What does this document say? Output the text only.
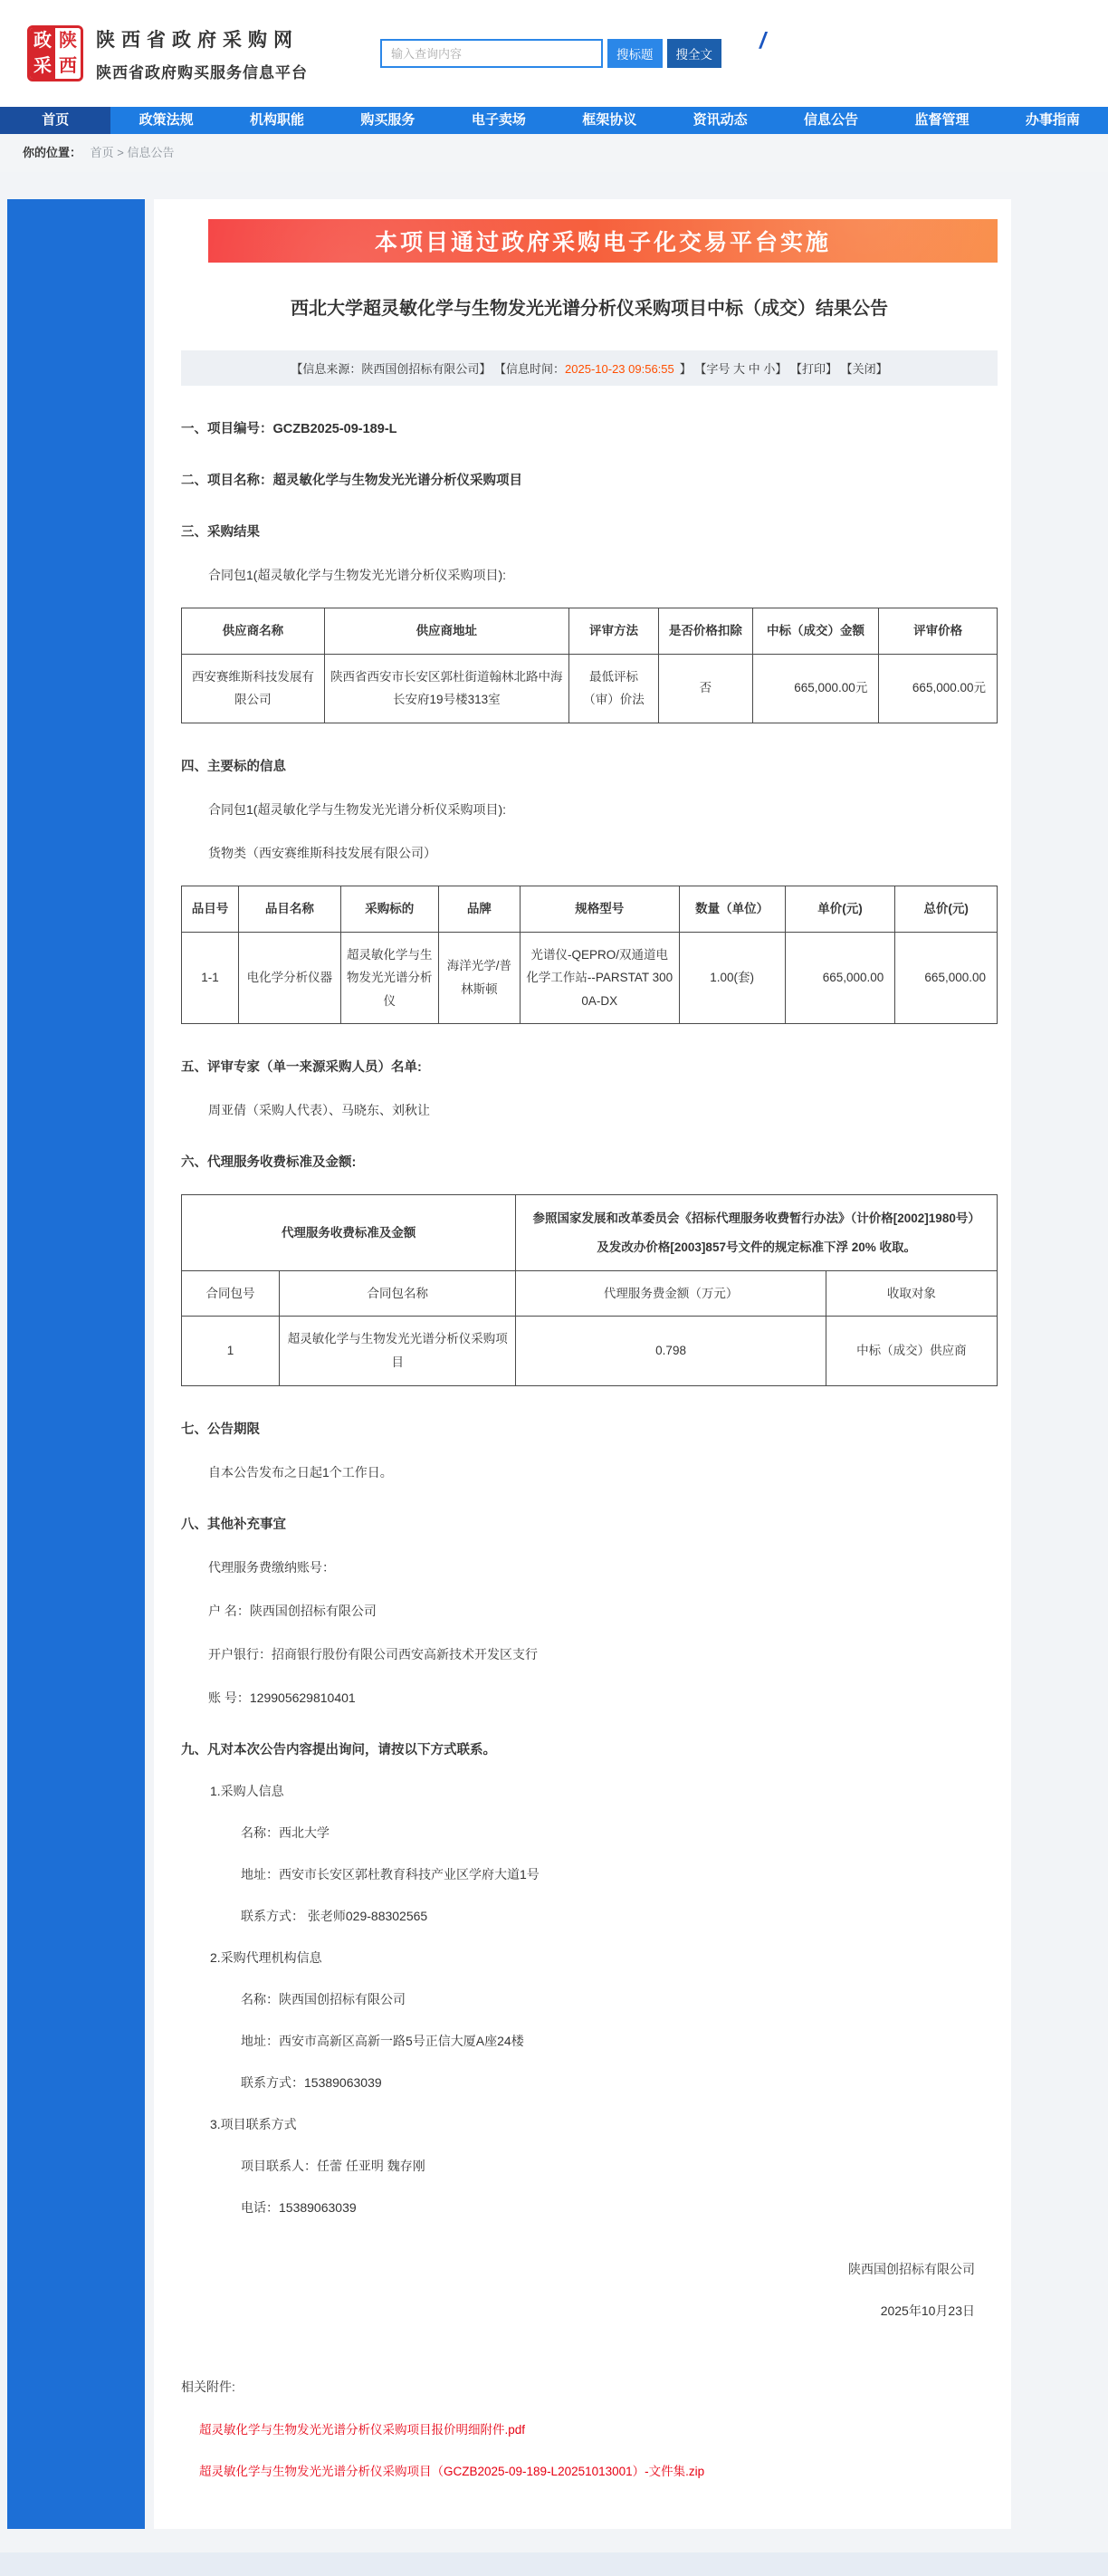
政
采
陕
西
陕西省政府采购网
陕西省政府购买服务信息平台
输入查询内容
搜标题	搜全文
/
首页	政策法规	机构职能	购买服务	电子卖场	框架协议	资讯动态	信息公告	监督管理	办事指南
你的位置： 首页 > 信息公告
本项目通过政府采购电子化交易平台实施
西北大学超灵敏化学与生物发光光谱分析仪采购项目中标（成交）结果公告
【信息来源：陕西国创招标有限公司】 【信息时间：2025-10-23 09:56:55 】 【字号 大 中 小】 【打印】 【关闭】
一、项目编号：GCZB2025-09-189-L
二、项目名称：超灵敏化学与生物发光光谱分析仪采购项目
三、采购结果

合同包1(超灵敏化学与生物发光光谱分析仪采购项目):

供应商名称	供应商地址	评审方法	是否价格扣除	中标（成交）金额	评审价格
西安赛维斯科技发展有限公司	陕西省西安市长安区郭杜街道翰林北路中海长安府19号楼313室	最低评标（审）价法	否	665,000.00元	665,000.00元
四、主要标的信息

合同包1(超灵敏化学与生物发光光谱分析仪采购项目):

货物类（西安赛维斯科技发展有限公司）

品目号	品目名称	采购标的	品牌	规格型号	数量（单位）	单价(元)	总价(元)
1-1	电化学分析仪器	超灵敏化学与生物发光光谱分析仪	海洋光学/普林斯顿	光谱仪-QEPRO/双通道电化学工作站--PARSTAT 3000A-DX	1.00(套)	665,000.00	665,000.00
五、评审专家（单一来源采购人员）名单:

周亚倩（采购人代表）、马晓东、刘秋让

六、代理服务收费标准及金额:
代理服务收费标准及金额		参照国家发展和改革委员会《招标代理服务收费暂行办法》（计价格[2002]1980号）及发改办价格[2003]857号文件的规定标准下浮 20% 收取。	
合同包号	合同包名称	代理服务费金额（万元）	收取对象
1	超灵敏化学与生物发光光谱分析仪采购项目	0.798	中标（成交）供应商
七、公告期限

自本公告发布之日起1个工作日。

八、其他补充事宜

代理服务费缴纳账号：

户 名：陕西国创招标有限公司

开户银行：招商银行股份有限公司西安高新技术开发区支行

账 号：129905629810401

九、凡对本次公告内容提出询问，请按以下方式联系。

1.采购人信息

名称：西北大学

地址：西安市长安区郭杜教育科技产业区学府大道1号

联系方式： 张老师029-88302565

2.采购代理机构信息

名称：陕西国创招标有限公司

地址：西安市高新区高新一路5号正信大厦A座24楼

联系方式：15389063039

3.项目联系方式

项目联系人：任蕾 任亚明 魏存刚

电话：15389063039

陕西国创招标有限公司
2025年10月23日
相关附件:
超灵敏化学与生物发光光谱分析仪采购项目报价明细附件.pdf
超灵敏化学与生物发光光谱分析仪采购项目（GCZB2025-09-189-L20251013001）-文件集.zip
